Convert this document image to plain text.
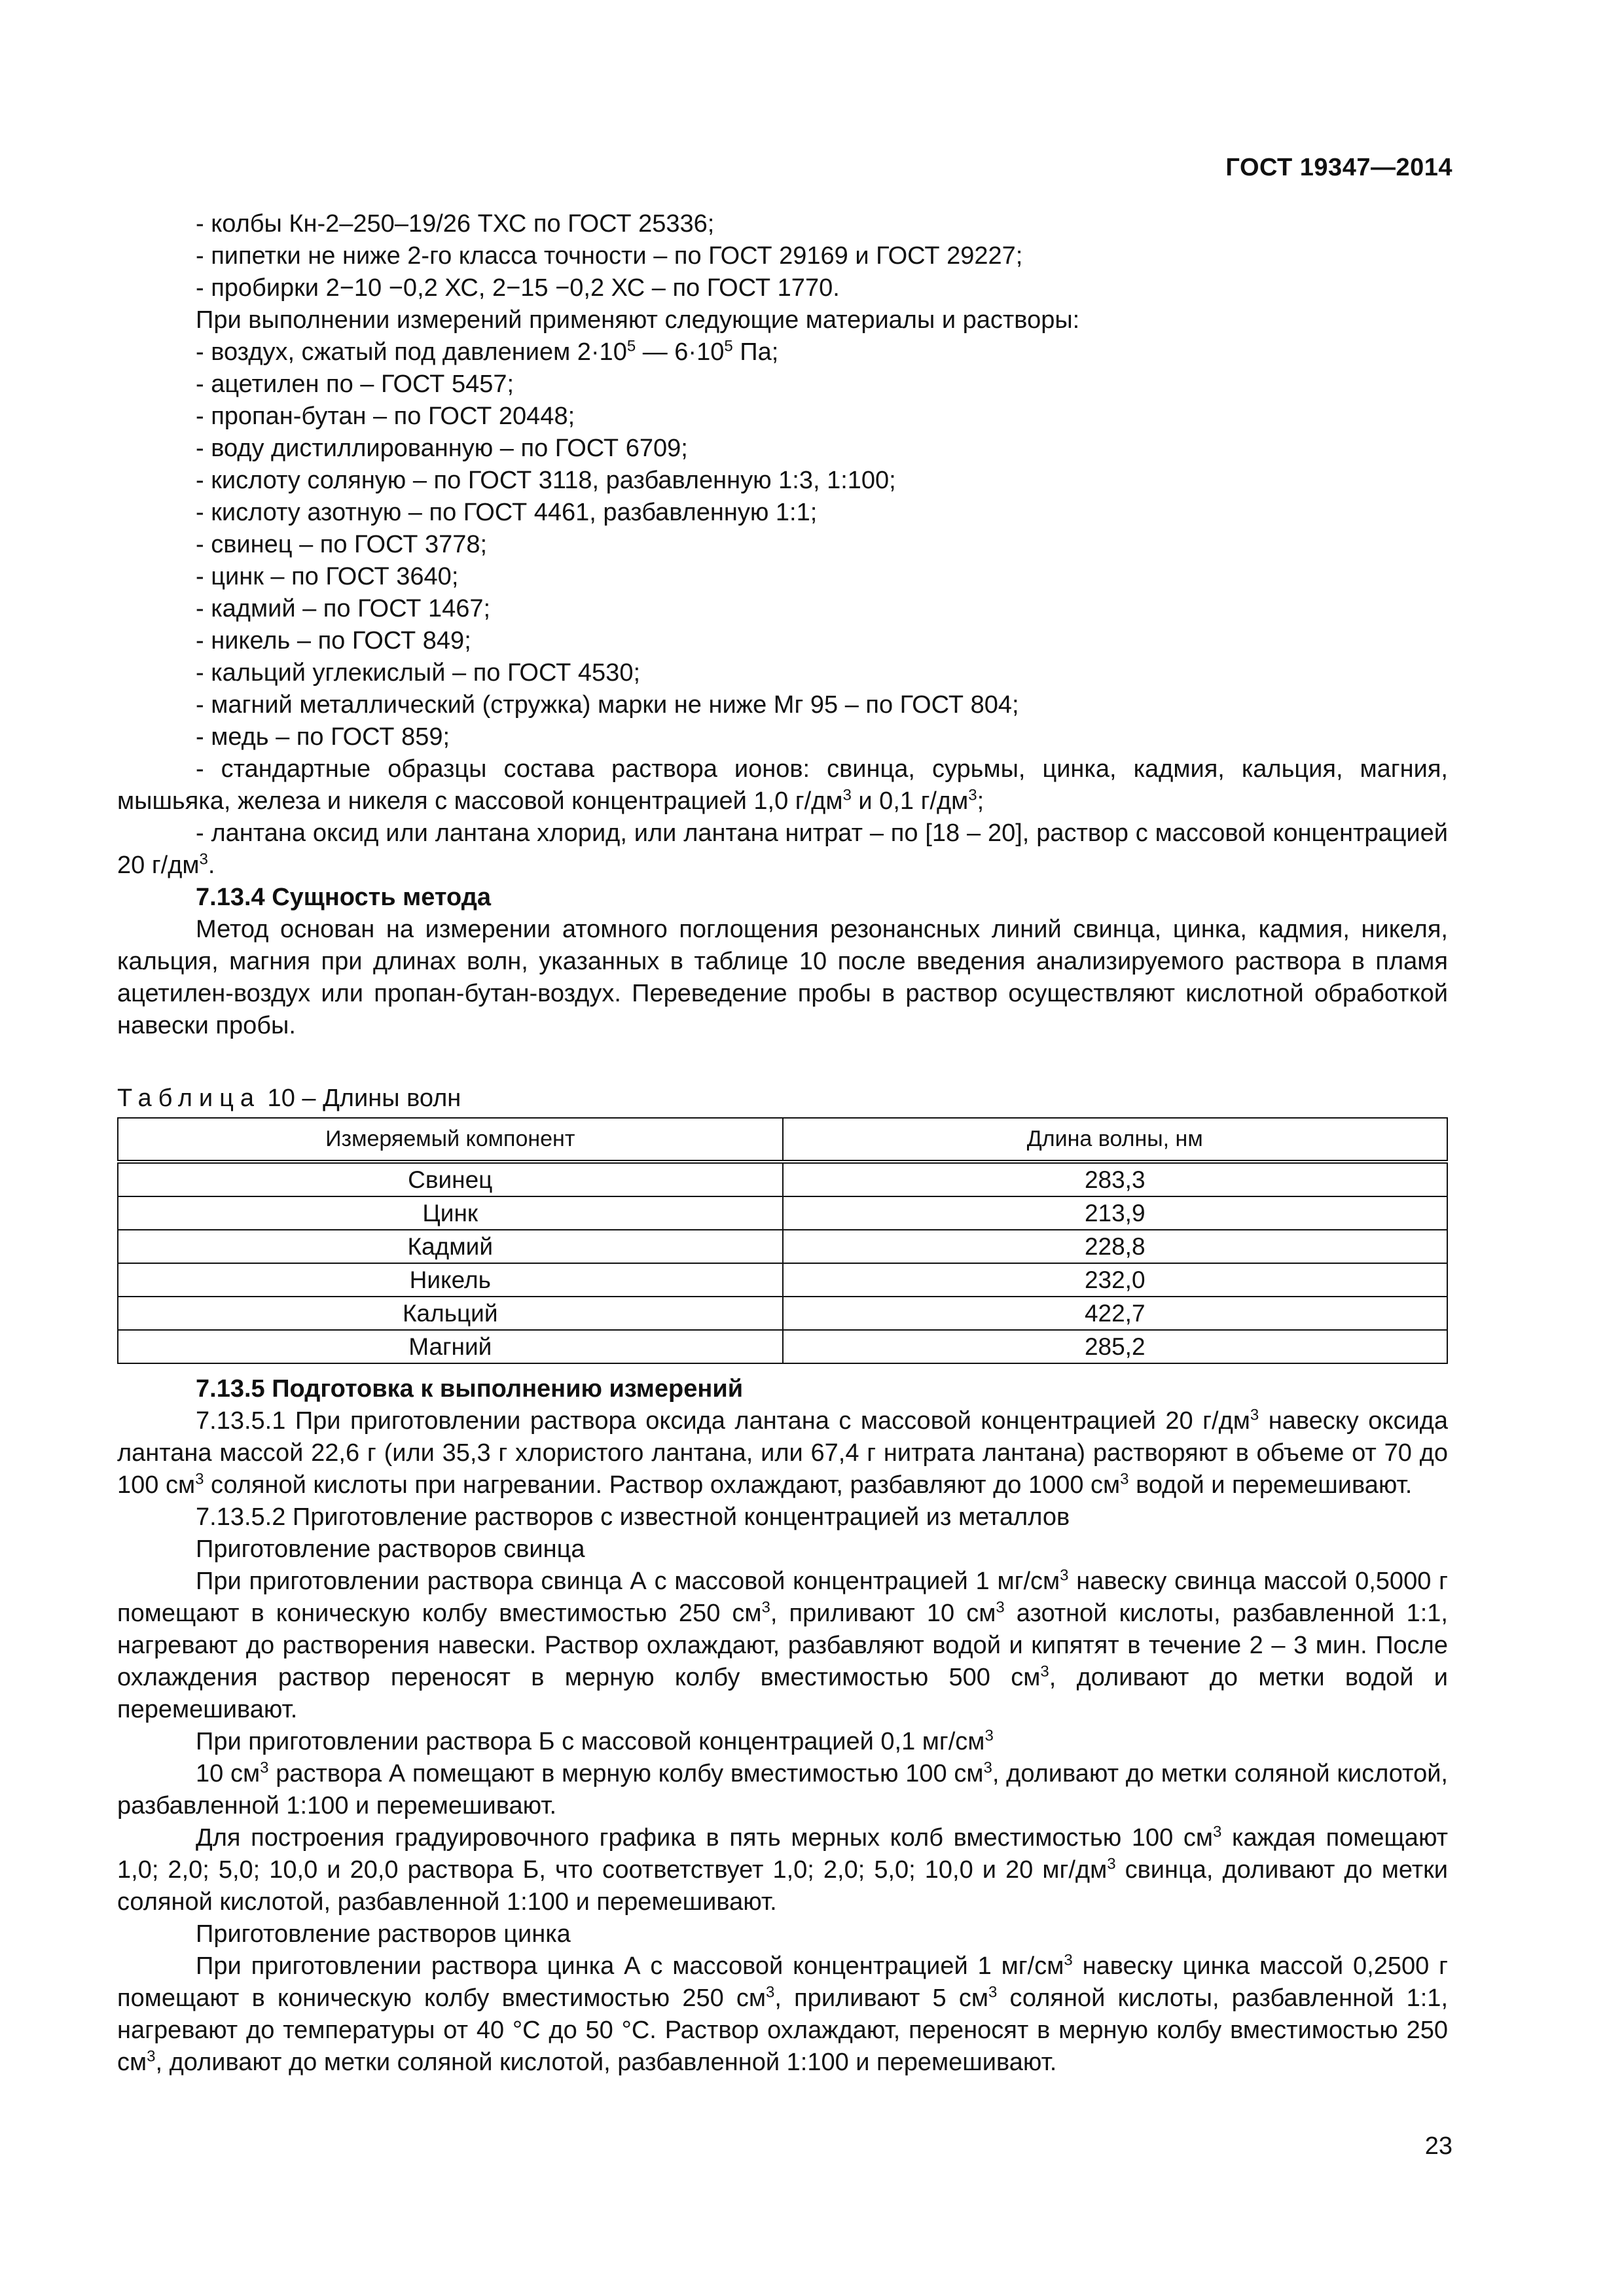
ГОСТ 19347—2014
- колбы Кн-2–250–19/26 ТХС по ГОСТ 25336;
- пипетки не ниже 2-го класса точности – по ГОСТ 29169 и ГОСТ 29227;
- пробирки 2−10 −0,2 ХС, 2−15 −0,2 ХС – по ГОСТ 1770.

При выполнении измерений применяют следующие материалы и растворы:

- воздух, сжатый под давлением $2\cdot 10^5$ — $6\cdot 10^5$ Па;
- ацетилен по – ГОСТ 5457;
- пропан-бутан – по ГОСТ 20448;
- воду дистиллированную – по ГОСТ 6709;
- кислоту соляную – по ГОСТ 3118, разбавленную 1:3, 1:100;
- кислоту азотную – по ГОСТ 4461, разбавленную 1:1;
- свинец – по ГОСТ 3778;
- цинк – по ГОСТ 3640;
- кадмий – по ГОСТ 1467;
- никель – по ГОСТ 849;
- кальций углекислый – по ГОСТ 4530;
- магний металлический (стружка) марки не ниже Мг 95 – по ГОСТ 804;
- медь – по ГОСТ 859;
- стандартные образцы состава раствора ионов: свинца, сурьмы, цинка, кадмия, кальция, магния, мышьяка, железа и никеля с массовой концентрацией 1,0 $г/дм^3$ и 0,1 $г/дм^3$;
- лантана оксид или лантана хлорид, или лантана нитрат – по [18 – 20], раствор с массовой концентрацией 20 $г/дм^3$.

7.13.4 Сущность метода

Метод основан на измерении атомного поглощения резонансных линий свинца, цинка, кадмия, никеля, кальция, магния при длинах волн, указанных в таблице 10 после введения анализируемого раствора в пламя ацетилен-воздух или пропан-бутан-воздух. Переведение пробы в раствор осуществляют кислотной обработкой навески пробы.

Таблица 10 – Длины волн
Измеряемый компонент	Длина волны, нм
Свинец	283,3
Цинк	213,9
Кадмий	228,8
Никель	232,0
Кальций	422,7
Магний	285,2

7.13.5 Подготовка к выполнению измерений

7.13.5.1 При приготовлении раствора оксида лантана с массовой концентрацией 20 $г/дм^3$ навеску оксида лантана массой 22,6 г (или 35,3 г хлористого лантана, или 67,4 г нитрата лантана) растворяют в объеме от 70 до 100 $см^3$ соляной кислоты при нагревании. Раствор охлаждают, разбавляют до 1000 $см^3$ водой и перемешивают.

7.13.5.2 Приготовление растворов с известной концентрацией из металлов

Приготовление растворов свинца

При приготовлении раствора свинца А с массовой концентрацией 1 $мг/см^3$ навеску свинца массой 0,5000 г помещают в коническую колбу вместимостью 250 $см^3$, приливают 10 $см^3$ азотной кислоты, разбавленной 1:1, нагревают до растворения навески. Раствор охлаждают, разбавляют водой и кипятят в течение 2 – 3 мин. После охлаждения раствор переносят в мерную колбу вместимостью 500 $см^3$, доливают до метки водой и перемешивают.

При приготовлении раствора Б с массовой концентрацией 0,1 $мг/см^3$

10 $см^3$ раствора А помещают в мерную колбу вместимостью 100 $см^3$, доливают до метки соляной кислотой, разбавленной 1:100 и перемешивают.

Для построения градуировочного графика в пять мерных колб вместимостью 100 $см^3$ каждая помещают 1,0; 2,0; 5,0; 10,0 и 20,0 раствора Б, что соответствует 1,0; 2,0; 5,0; 10,0 и 20 $мг/дм^3$ свинца, доливают до метки соляной кислотой, разбавленной 1:100 и перемешивают.

Приготовление растворов цинка

При приготовлении раствора цинка А с массовой концентрацией 1 $мг/см^3$ навеску цинка массой 0,2500 г помещают в коническую колбу вместимостью 250 $см^3$, приливают 5 $см^3$ соляной кислоты, разбавленной 1:1, нагревают до температуры от 40 °С до 50 °С. Раствор охлаждают, переносят в мерную колбу вместимостью 250 $см^3$, доливают до метки соляной кислотой, разбавленной 1:100 и перемешивают.

23
